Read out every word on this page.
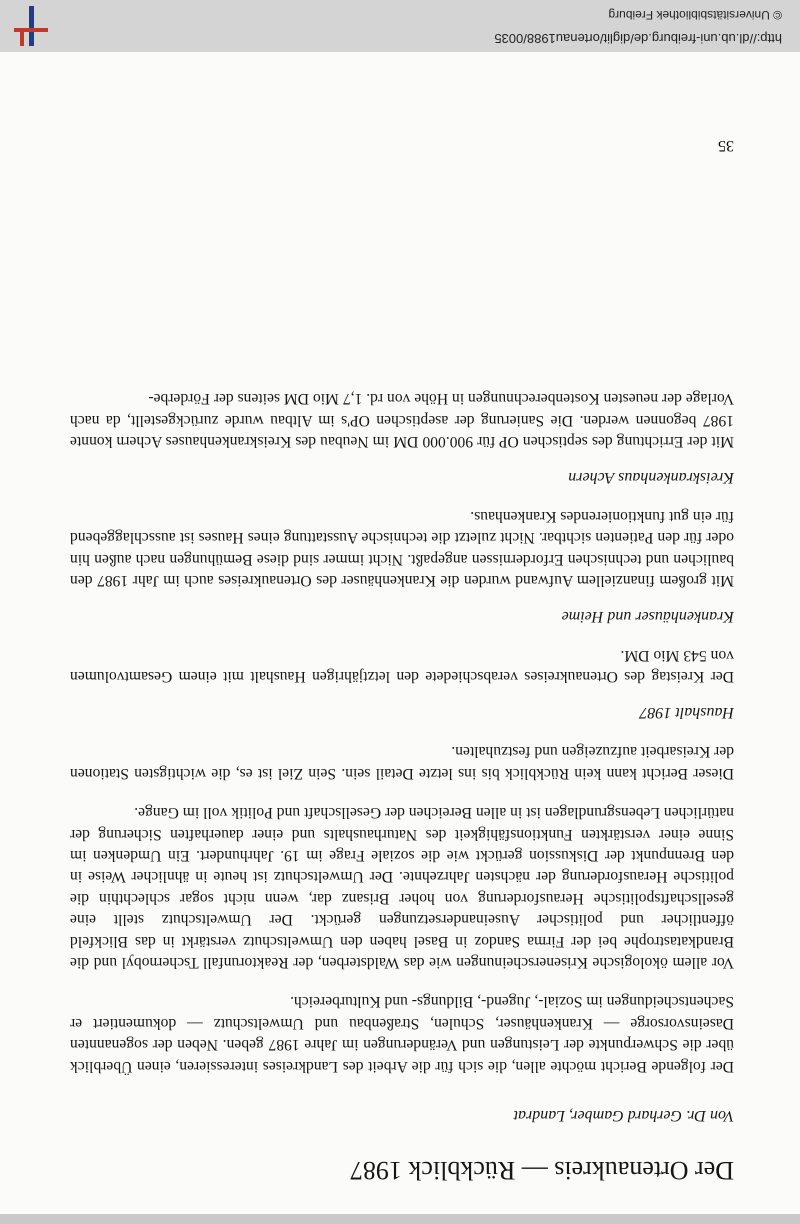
Der Ortenaukreis — Rückblick 1987
Von Dr. Gerhard Gamber, Landrat

Der folgende Bericht möchte allen, die sich für die Arbeit des Landkreises interessieren, einen Überblick über die Schwerpunkte der Leistungen und Veränderungen im Jahre 1987 geben. Neben der sogenannten Daseinsvorsorge — Krankenhäuser, Schulen, Straßenbau und Umweltschutz — dokumentiert er Sachentscheidungen im Sozial-, Jugend-, Bildungs- und Kulturbereich.

Vor allem ökologische Krisenerscheinungen wie das Waldsterben, der Reaktorunfall Tschernobyl und die Brandkatastrophe bei der Firma Sandoz in Basel haben den Umweltschutz verstärkt in das Blickfeld öffentlicher und politischer Auseinandersetzungen gerückt. Der Umweltschutz stellt eine gesellschaftspolitische Herausforderung von hoher Brisanz dar, wenn nicht sogar schlechthin die politische Herausforderung der nächsten Jahrzehnte. Der Umweltschutz ist heute in ähnlicher Weise in den Brennpunkt der Diskussion gerückt wie die soziale Frage im 19. Jahrhundert. Ein Umdenken im Sinne einer verstärkten Funktionsfähigkeit des Naturhaushalts und einer dauerhaften Sicherung der natürlichen Lebensgrundlagen ist in allen Bereichen der Gesellschaft und Politik voll im Gange.

Dieser Bericht kann kein Rückblick bis ins letzte Detail sein. Sein Ziel ist es, die wichtigsten Stationen der Kreisarbeit aufzuzeigen und festzuhalten.

Haushalt 1987

Der Kreistag des Ortenaukreises verabschiedete den letztjährigen Haushalt mit einem Gesamtvolumen von 543 Mio DM.

Krankenhäuser und Heime

Mit großem finanziellem Aufwand wurden die Krankenhäuser des Ortenaukreises auch im Jahr 1987 den baulichen und technischen Erfordernissen angepaßt. Nicht immer sind diese Bemühungen nach außen hin oder für den Patienten sichtbar. Nicht zuletzt die technische Ausstattung eines Hauses ist ausschlaggebend für ein gut funktionierendes Krankenhaus.

Kreiskrankenhaus Achern

Mit der Errichtung des septischen OP für 900.000 DM im Neubau des Kreiskrankenhauses Achern konnte 1987 begonnen werden. Die Sanierung der aseptischen OP's im Altbau wurde zurückgestellt, da nach Vorlage der neuesten Kostenberechnungen in Höhe von rd. 1,7 Mio DM seitens der Förderbe-

35
http://dl.ub.uni-freiburg.de/diglit/ortenau1988/0035
© Universitätsbibliothek Freiburg
